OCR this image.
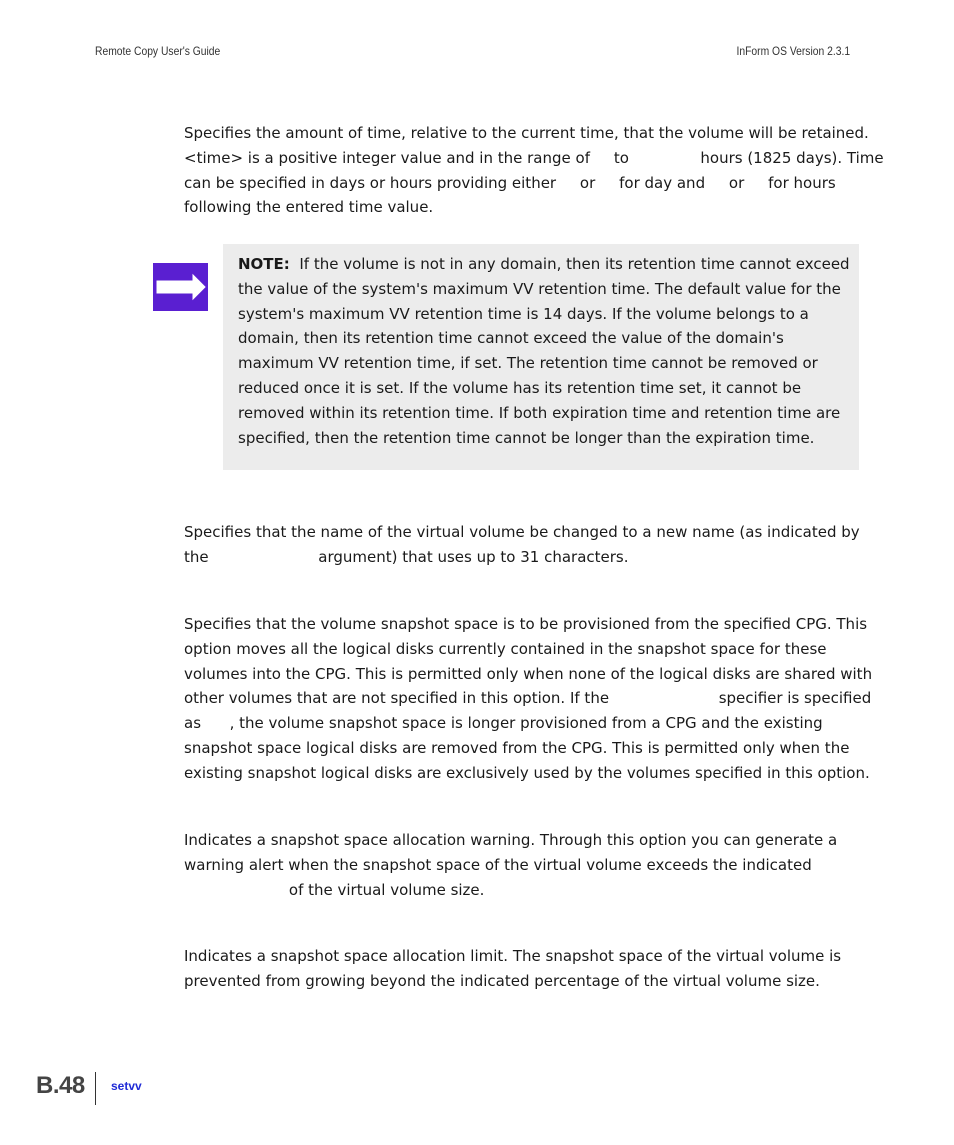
Remote Copy User's Guide	InForm OS Version 2.3.1
Specifies the amount of time, relative to the current time, that the volume will be retained.
<time> is a positive integer value and in the range of     to               hours (1825 days). Time
can be specified in days or hours providing either     or     for day and     or     for hours
following the entered time value.
NOTE: If the volume is not in any domain, then its retention time cannot exceed
the value of the system's maximum VV retention time. The default value for the
system's maximum VV retention time is 14 days. If the volume belongs to a
domain, then its retention time cannot exceed the value of the domain's
maximum VV retention time, if set. The retention time cannot be removed or
reduced once it is set. If the volume has its retention time set, it cannot be
removed within its retention time. If both expiration time and retention time are
specified, then the retention time cannot be longer than the expiration time.
Specifies that the name of the virtual volume be changed to a new name (as indicated by
the                       argument) that uses up to 31 characters.
Specifies that the volume snapshot space is to be provisioned from the specified CPG. This
option moves all the logical disks currently contained in the snapshot space for these
volumes into the CPG. This is permitted only when none of the logical disks are shared with
other volumes that are not specified in this option. If the                       specifier is specified
as      , the volume snapshot space is longer provisioned from a CPG and the existing
snapshot space logical disks are removed from the CPG. This is permitted only when the
existing snapshot logical disks are exclusively used by the volumes specified in this option.
Indicates a snapshot space allocation warning. Through this option you can generate a
warning alert when the snapshot space of the virtual volume exceeds the indicated
of the virtual volume size.
Indicates a snapshot space allocation limit. The snapshot space of the virtual volume is
prevented from growing beyond the indicated percentage of the virtual volume size.
B.48 setvv
